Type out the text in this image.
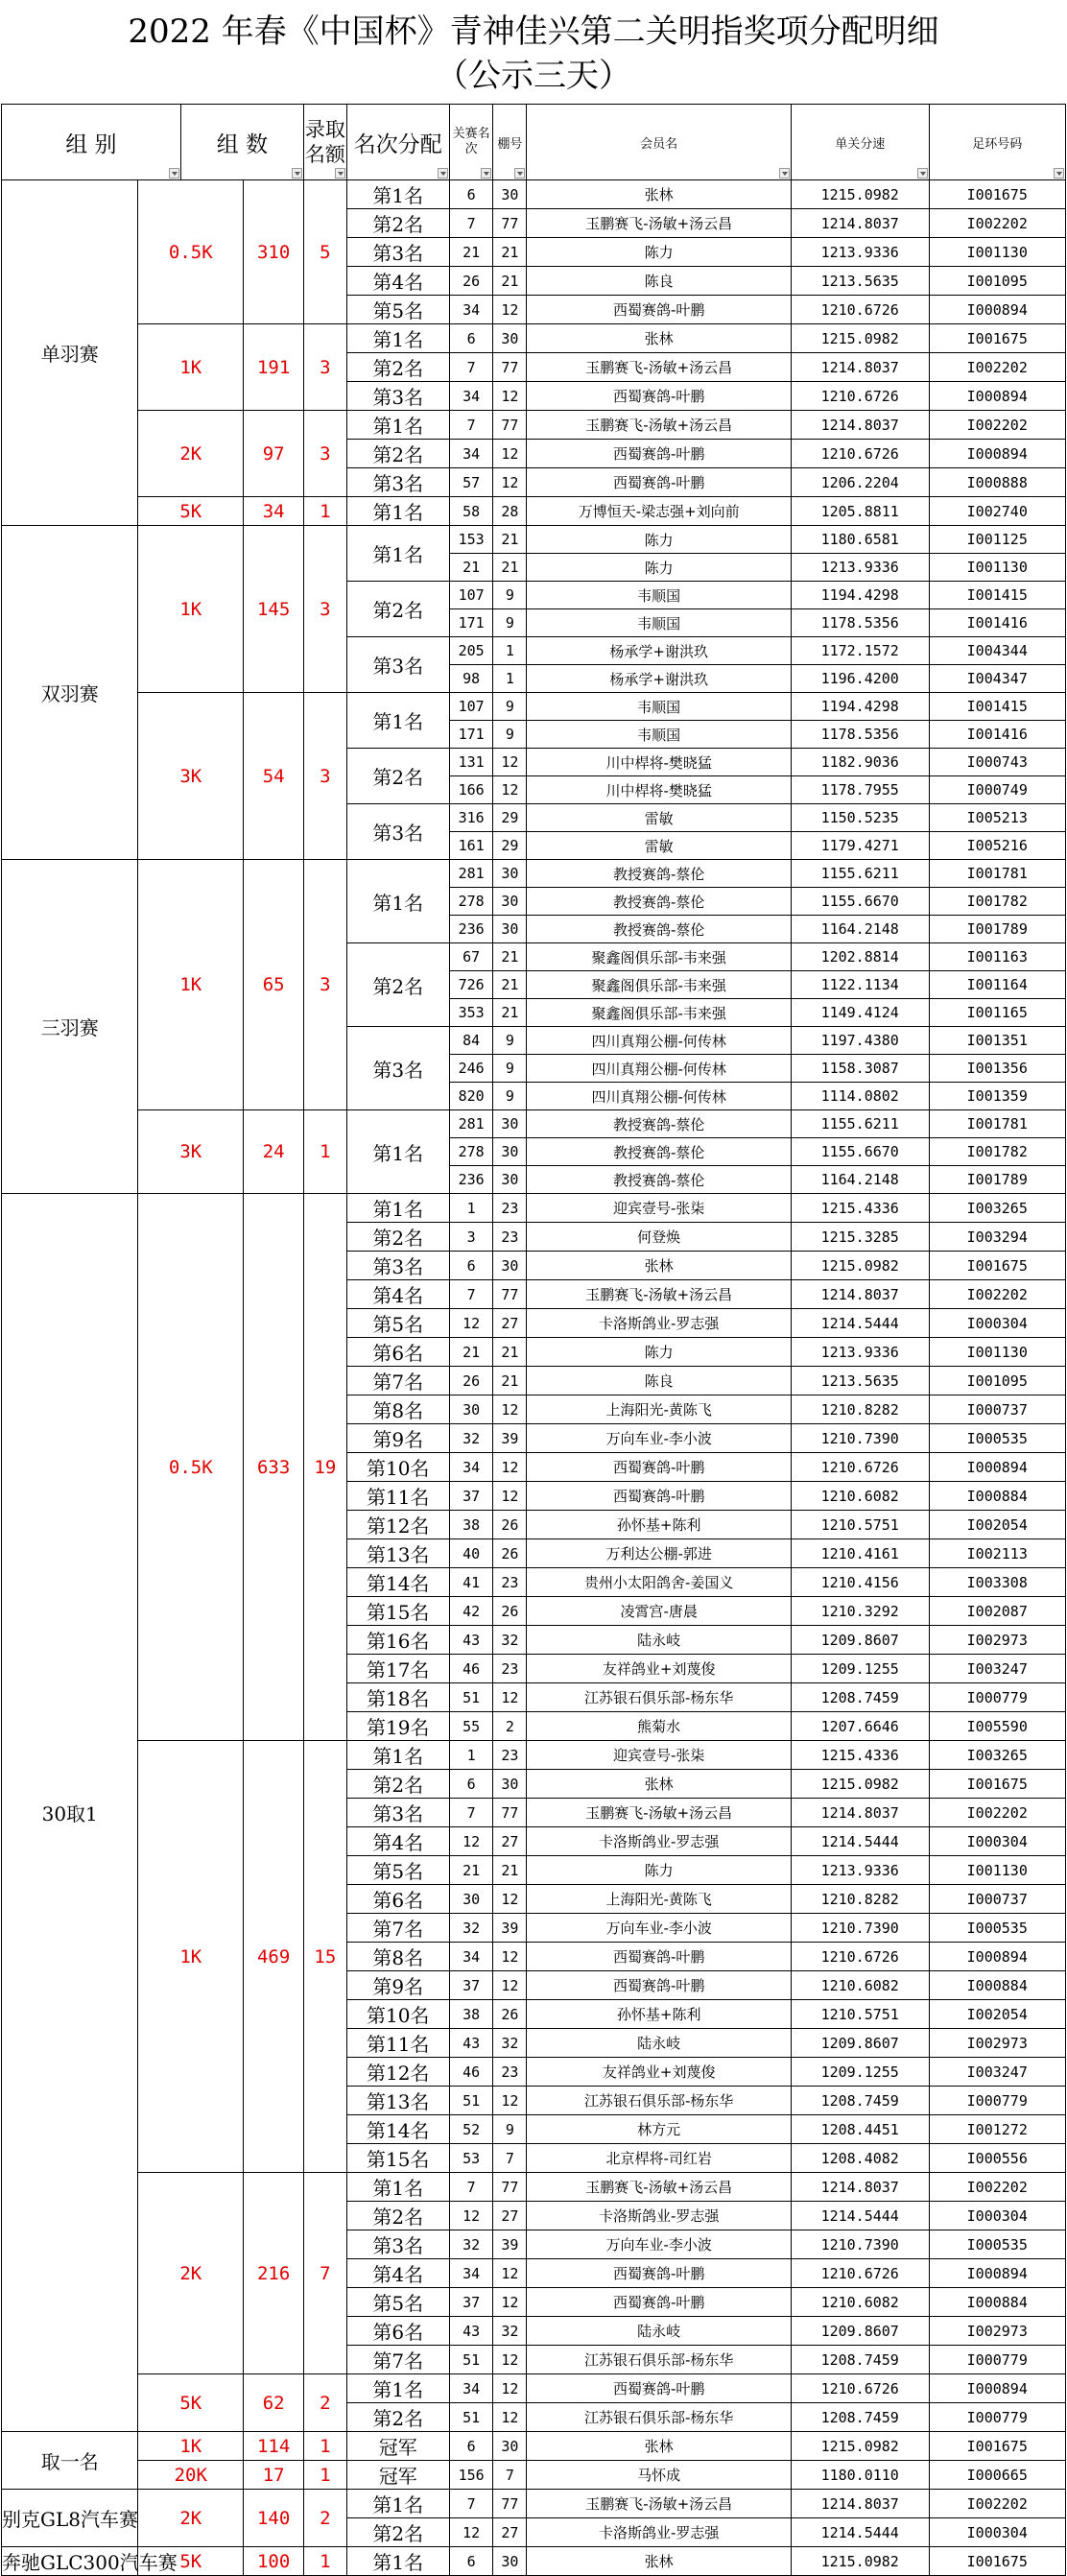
2022 年春《中国杯》青神佳兴第二关明指奖项分配明细
（公示三天）
组 别		组 数		录取名额	名次分配	关赛名次	棚号	会员名	单关分速	足环号码

单羽赛	0.5K		310	5	第1名	6	30	张林	1215.0982	I001675
					第2名	7	77	玉鹏赛飞-汤敏+汤云昌	1214.8037	I002202
					第3名	21	21	陈力	1213.9336	I001130
					第4名	26	21	陈良	1213.5635	I001095
					第5名	34	12	西蜀赛鸽-叶鹏	1210.6726	I000894
	1K		191	3	第1名	6	30	张林	1215.0982	I001675
					第2名	7	77	玉鹏赛飞-汤敏+汤云昌	1214.8037	I002202
					第3名	34	12	西蜀赛鸽-叶鹏	1210.6726	I000894
	2K		97	3	第1名	7	77	玉鹏赛飞-汤敏+汤云昌	1214.8037	I002202
					第2名	34	12	西蜀赛鸽-叶鹏	1210.6726	I000894
					第3名	57	12	西蜀赛鸽-叶鹏	1206.2204	I000888
	5K		34	1	第1名	58	28	万博恒天-梁志强+刘向前	1205.8811	I002740
双羽赛	1K		145	3	第1名	153	21	陈力	1180.6581	I001125
						21	21	陈力	1213.9336	I001130
					第2名	107	9	韦顺国	1194.4298	I001415
						171	9	韦顺国	1178.5356	I001416
					第3名	205	1	杨承学+谢洪玖	1172.1572	I004344
						98	1	杨承学+谢洪玖	1196.4200	I004347
	3K		54	3	第1名	107	9	韦顺国	1194.4298	I001415
						171	9	韦顺国	1178.5356	I001416
					第2名	131	12	川中桿将-樊晓猛	1182.9036	I000743
						166	12	川中桿将-樊晓猛	1178.7955	I000749
					第3名	316	29	雷敏	1150.5235	I005213
						161	29	雷敏	1179.4271	I005216
三羽赛	1K		65	3	第1名	281	30	教授赛鸽-蔡伦	1155.6211	I001781
						278	30	教授赛鸽-蔡伦	1155.6670	I001782
						236	30	教授赛鸽-蔡伦	1164.2148	I001789
					第2名	67	21	聚鑫阁俱乐部-韦来强	1202.8814	I001163
						726	21	聚鑫阁俱乐部-韦来强	1122.1134	I001164
						353	21	聚鑫阁俱乐部-韦来强	1149.4124	I001165
					第3名	84	9	四川真翔公棚-何传林	1197.4380	I001351
						246	9	四川真翔公棚-何传林	1158.3087	I001356
						820	9	四川真翔公棚-何传林	1114.0802	I001359
	3K		24	1	第1名	281	30	教授赛鸽-蔡伦	1155.6211	I001781
						278	30	教授赛鸽-蔡伦	1155.6670	I001782
						236	30	教授赛鸽-蔡伦	1164.2148	I001789
30取1	0.5K		633	19	第1名	1	23	迎宾壹号-张柒	1215.4336	I003265
					第2名	3	23	何登焕	1215.3285	I003294
					第3名	6	30	张林	1215.0982	I001675
					第4名	7	77	玉鹏赛飞-汤敏+汤云昌	1214.8037	I002202
					第5名	12	27	卡洛斯鸽业-罗志强	1214.5444	I000304
					第6名	21	21	陈力	1213.9336	I001130
					第7名	26	21	陈良	1213.5635	I001095
					第8名	30	12	上海阳光-黄陈飞	1210.8282	I000737
					第9名	32	39	万向车业-李小波	1210.7390	I000535
					第10名	34	12	西蜀赛鸽-叶鹏	1210.6726	I000894
					第11名	37	12	西蜀赛鸽-叶鹏	1210.6082	I000884
					第12名	38	26	孙怀基+陈利	1210.5751	I002054
					第13名	40	26	万利达公棚-郭进	1210.4161	I002113
					第14名	41	23	贵州小太阳鸽舍-姜国义	1210.4156	I003308
					第15名	42	26	凌霄宫-唐晨	1210.3292	I002087
					第16名	43	32	陆永岐	1209.8607	I002973
					第17名	46	23	友祥鸽业+刘蔑俊	1209.1255	I003247
					第18名	51	12	江苏银石俱乐部-杨东华	1208.7459	I000779
					第19名	55	2	熊菊水	1207.6646	I005590
	1K		469	15	第1名	1	23	迎宾壹号-张柒	1215.4336	I003265
					第2名	6	30	张林	1215.0982	I001675
					第3名	7	77	玉鹏赛飞-汤敏+汤云昌	1214.8037	I002202
					第4名	12	27	卡洛斯鸽业-罗志强	1214.5444	I000304
					第5名	21	21	陈力	1213.9336	I001130
					第6名	30	12	上海阳光-黄陈飞	1210.8282	I000737
					第7名	32	39	万向车业-李小波	1210.7390	I000535
					第8名	34	12	西蜀赛鸽-叶鹏	1210.6726	I000894
					第9名	37	12	西蜀赛鸽-叶鹏	1210.6082	I000884
					第10名	38	26	孙怀基+陈利	1210.5751	I002054
					第11名	43	32	陆永岐	1209.8607	I002973
					第12名	46	23	友祥鸽业+刘蔑俊	1209.1255	I003247
					第13名	51	12	江苏银石俱乐部-杨东华	1208.7459	I000779
					第14名	52	9	林方元	1208.4451	I001272
					第15名	53	7	北京桿将-司红岩	1208.4082	I000556
	2K		216	7	第1名	7	77	玉鹏赛飞-汤敏+汤云昌	1214.8037	I002202
					第2名	12	27	卡洛斯鸽业-罗志强	1214.5444	I000304
					第3名	32	39	万向车业-李小波	1210.7390	I000535
					第4名	34	12	西蜀赛鸽-叶鹏	1210.6726	I000894
					第5名	37	12	西蜀赛鸽-叶鹏	1210.6082	I000884
					第6名	43	32	陆永岐	1209.8607	I002973
					第7名	51	12	江苏银石俱乐部-杨东华	1208.7459	I000779
	5K		62	2	第1名	34	12	西蜀赛鸽-叶鹏	1210.6726	I000894
					第2名	51	12	江苏银石俱乐部-杨东华	1208.7459	I000779
取一名	1K		114	1	冠军	6	30	张林	1215.0982	I001675
	20K		17	1	冠军	156	7	马怀成	1180.0110	I000665
别克GL8汽车赛	2K		140	2	第1名	7	77	玉鹏赛飞-汤敏+汤云昌	1214.8037	I002202
					第2名	12	27	卡洛斯鸽业-罗志强	1214.5444	I000304
奔驰GLC300汽车赛	5K		100	1	第1名	6	30	张林	1215.0982	I001675
